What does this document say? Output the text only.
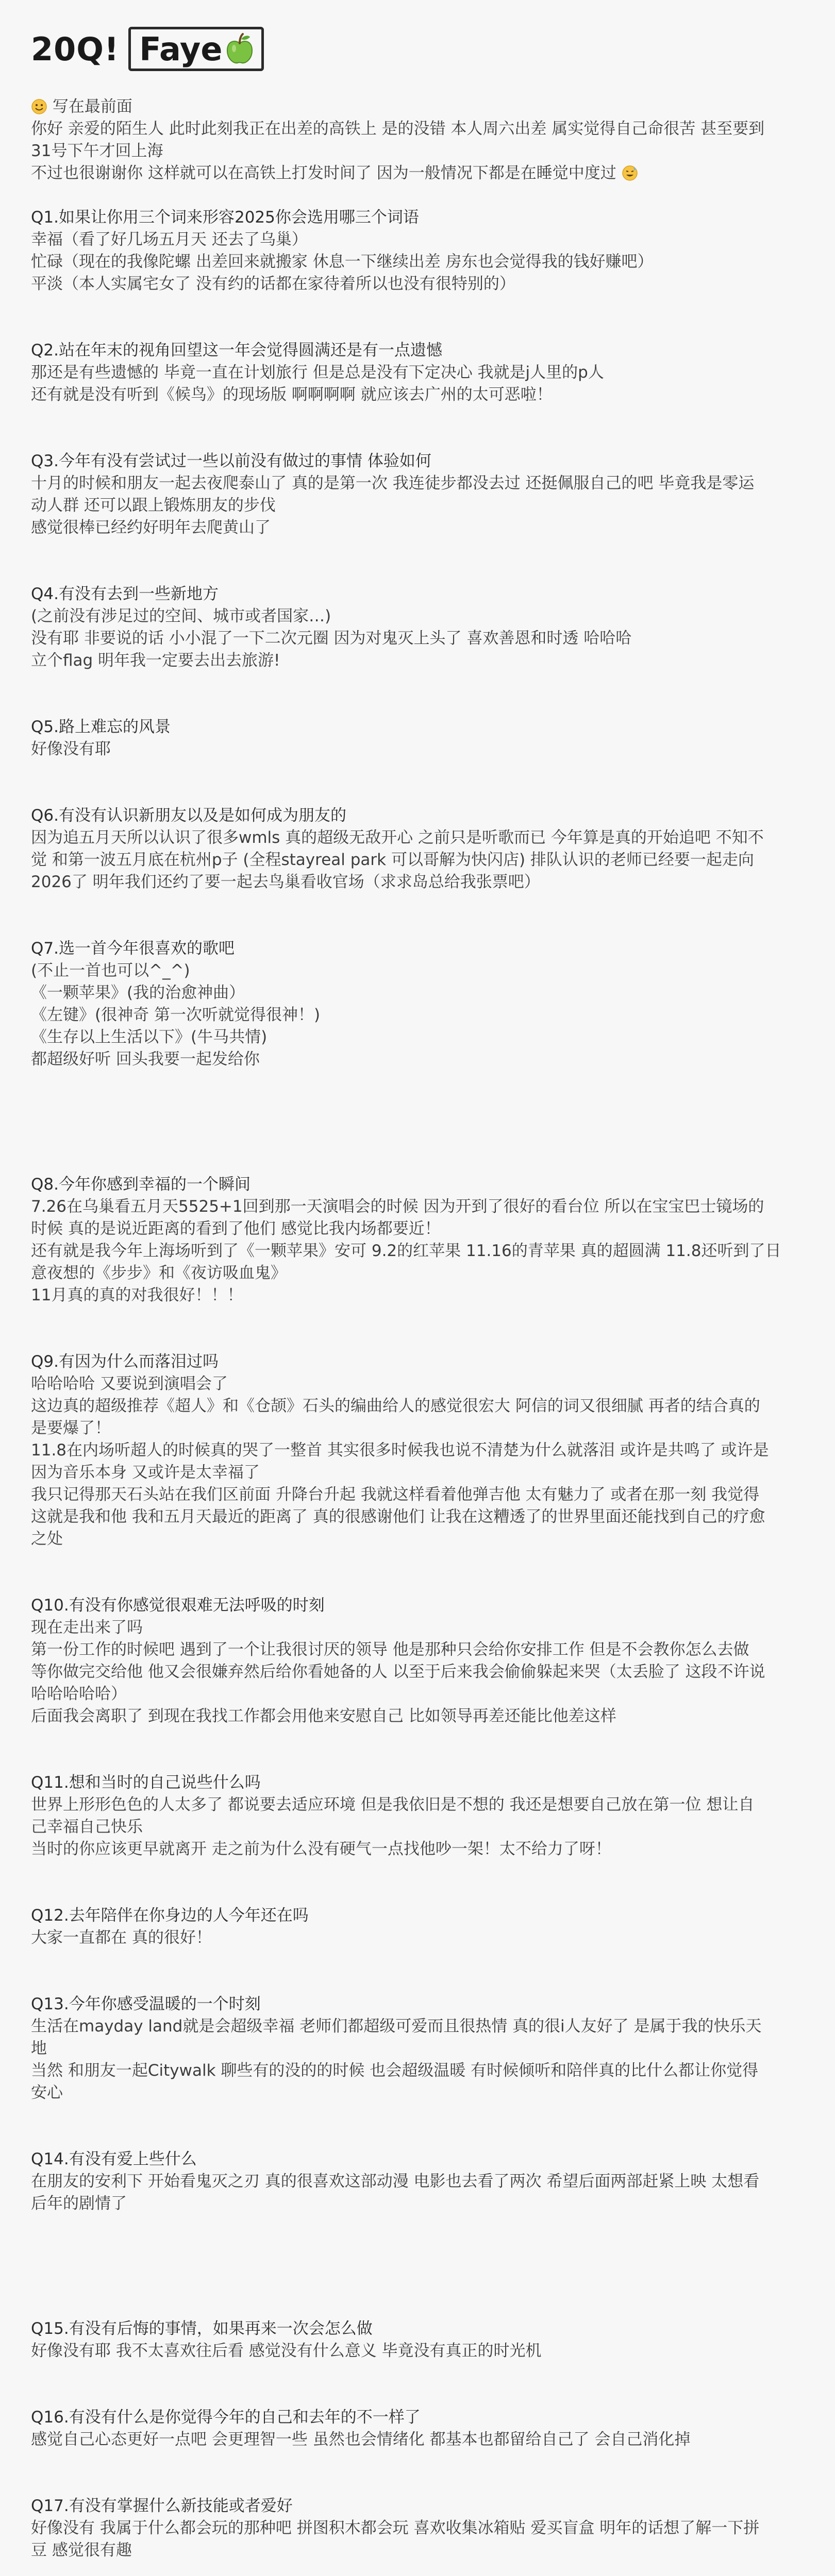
20Q! Faye
写在最前面
你好 亲爱的陌生人 此时此刻我正在出差的高铁上 是的没错 本人周六出差 属实觉得自己命很苦 甚至要到
31号下午才回上海
不过也很谢谢你 这样就可以在高铁上打发时间了 因为一般情况下都是在睡觉中度过
Q1.如果让你用三个词来形容2025你会选用哪三个词语
幸福（看了好几场五月天 还去了乌巢）
忙碌（现在的我像陀螺 出差回来就搬家 休息一下继续出差 房东也会觉得我的钱好赚吧）
平淡（本人实属宅女了 没有约的话都在家待着所以也没有很特别的）
Q2.站在年末的视角回望这一年会觉得圆满还是有一点遗憾
那还是有些遗憾的 毕竟一直在计划旅行 但是总是没有下定决心 我就是j人里的p人
还有就是没有听到《候鸟》的现场版 啊啊啊啊 就应该去广州的太可恶啦！
Q3.今年有没有尝试过一些以前没有做过的事情 体验如何
十月的时候和朋友一起去夜爬泰山了 真的是第一次 我连徒步都没去过 还挺佩服自己的吧 毕竟我是零运
动人群 还可以跟上锻炼朋友的步伐
感觉很棒已经约好明年去爬黄山了
Q4.有没有去到一些新地方
(之前没有涉足过的空间、城市或者国家…)
没有耶 非要说的话 小小混了一下二次元圈 因为对鬼灭上头了 喜欢善恩和时透 哈哈哈
立个flag 明年我一定要去出去旅游!
Q5.路上难忘的风景
好像没有耶
Q6.有没有认识新朋友以及是如何成为朋友的
因为追五月天所以认识了很多wmls 真的超级无敌开心 之前只是听歌而已 今年算是真的开始追吧 不知不
觉 和第一波五月底在杭州p子 (全程stayreal park 可以哥解为快闪店) 排队认识的老师已经要一起走向
2026了 明年我们还约了要一起去鸟巢看收官场（求求岛总给我张票吧）
Q7.选一首今年很喜欢的歌吧
(不止一首也可以^_^)
《一颗苹果》(我的治愈神曲）
《左键》(很神奇 第一次听就觉得很神！)
《生存以上生活以下》(牛马共情)
都超级好听 回头我要一起发给你
Q8.今年你感到幸福的一个瞬间
7.26在乌巢看五月天5525+1回到那一天演唱会的时候 因为开到了很好的看台位 所以在宝宝巴士镜场的
时候 真的是说近距离的看到了他们 感觉比我内场都要近！
还有就是我今年上海场听到了《一颗苹果》安可 9.2的红苹果 11.16的青苹果 真的超圆满 11.8还听到了日
意夜想的《步步》和《夜访吸血鬼》
11月真的真的对我很好！！！
Q9.有因为什么而落泪过吗
哈哈哈哈 又要说到演唱会了
这边真的超级推荐《超人》和《仓颉》石头的编曲给人的感觉很宏大 阿信的词又很细腻 再者的结合真的
是要爆了！
11.8在内场听超人的时候真的哭了一整首 其实很多时候我也说不清楚为什么就落泪 或许是共鸣了 或许是
因为音乐本身 又或许是太幸福了
我只记得那天石头站在我们区前面 升降台升起 我就这样看着他弹吉他 太有魅力了 或者在那一刻 我觉得
这就是我和他 我和五月天最近的距离了 真的很感谢他们 让我在这糟透了的世界里面还能找到自己的疗愈
之处
Q10.有没有你感觉很艰难无法呼吸的时刻
现在走出来了吗
第一份工作的时候吧 遇到了一个让我很讨厌的领导 他是那种只会给你安排工作 但是不会教你怎么去做
等你做完交给他 他又会很嫌弃然后给你看她备的人 以至于后来我会偷偷躲起来哭（太丢脸了 这段不许说
哈哈哈哈哈）
后面我会离职了 到现在我找工作都会用他来安慰自己 比如领导再差还能比他差这样
Q11.想和当时的自己说些什么吗
世界上形形色色的人太多了 都说要去适应环境 但是我依旧是不想的 我还是想要自己放在第一位 想让自
己幸福自己快乐
当时的你应该更早就离开 走之前为什么没有硬气一点找他吵一架！太不给力了呀！
Q12.去年陪伴在你身边的人今年还在吗
大家一直都在 真的很好！
Q13.今年你感受温暖的一个时刻
生活在mayday land就是会超级幸福 老师们都超级可爱而且很热情 真的很i人友好了 是属于我的快乐天
地
当然 和朋友一起Citywalk 聊些有的没的的时候 也会超级温暖 有时候倾听和陪伴真的比什么都让你觉得
安心
Q14.有没有爱上些什么
在朋友的安利下 开始看鬼灭之刃 真的很喜欢这部动漫 电影也去看了两次 希望后面两部赶紧上映 太想看
后年的剧情了
Q15.有没有后悔的事情，如果再来一次会怎么做
好像没有耶 我不太喜欢往后看 感觉没有什么意义 毕竟没有真正的时光机
Q16.有没有什么是你觉得今年的自己和去年的不一样了
感觉自己心态更好一点吧 会更理智一些 虽然也会情绪化 都基本也都留给自己了 会自己消化掉
Q17.有没有掌握什么新技能或者爱好
好像没有 我属于什么都会玩的那种吧 拼图积木都会玩 喜欢收集冰箱贴 爱买盲盒 明年的话想了解一下拼
豆 感觉很有趣
